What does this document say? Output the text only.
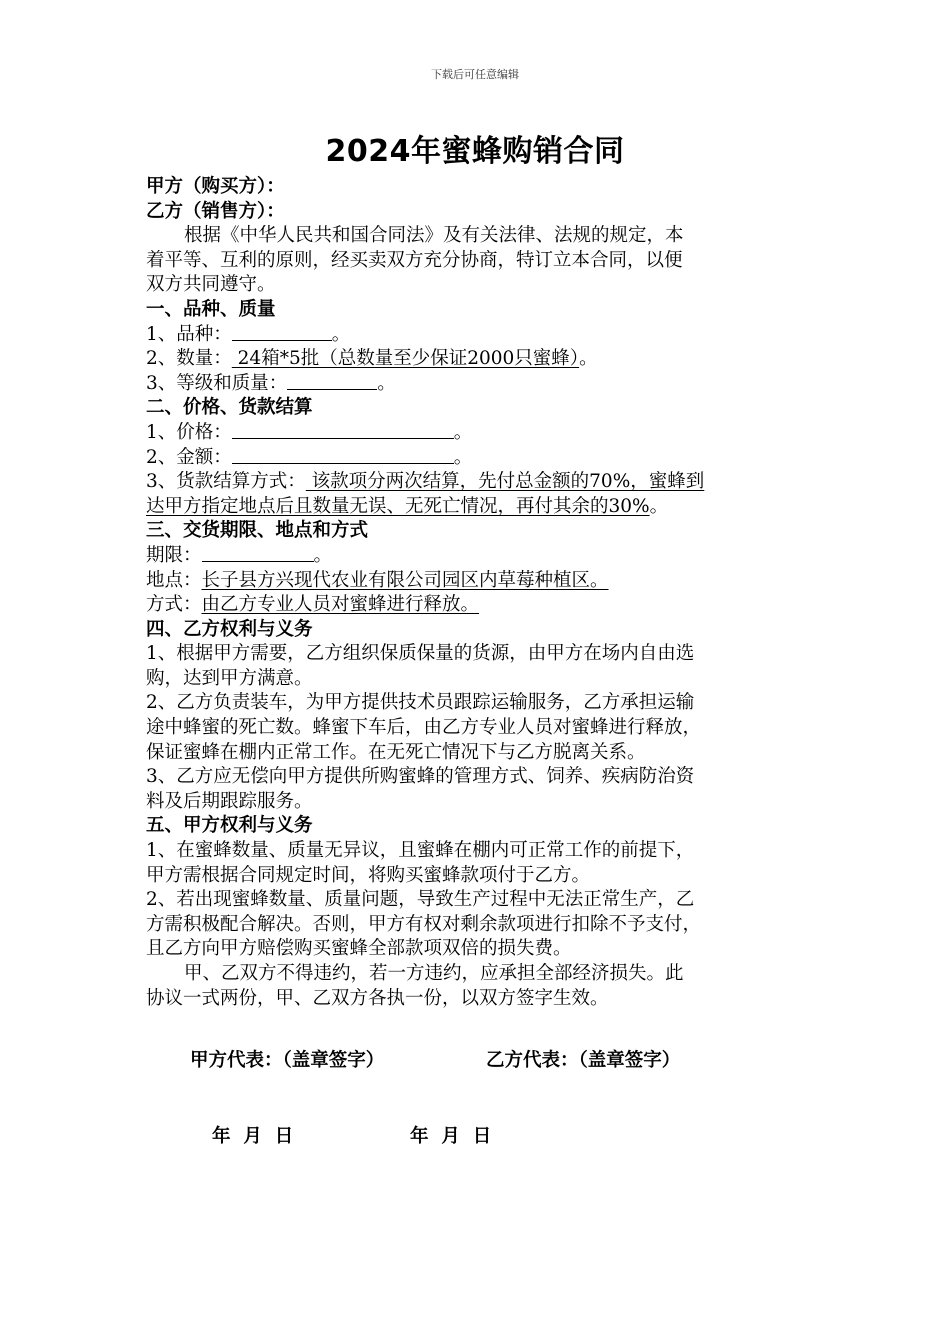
下载后可任意编辑
2024年蜜蜂购销合同
甲方（购买方）：
乙方（销售方）：
根据《中华人民共和国合同法》及有关法律、法规的规定，本
着平等、互利的原则，经买卖双方充分协商，特订立本合同，以便
双方共同遵守。
一、品种、质量
1、品种：	。
2、数量： 24箱*5批（总数量至少保证2000只蜜蜂）。
3、等级和质量：	。
二、价格、货款结算
1、价格：	。
2、金额：	。
3、货款结算方式： 该款项分两次结算，先付总金额的70%，蜜蜂到
达甲方指定地点后且数量无误、无死亡情况，再付其余的30%。
三、交货期限、地点和方式
期限：	。
地点：长子县方兴现代农业有限公司园区内草莓种植区。
方式：由乙方专业人员对蜜蜂进行释放。
四、乙方权利与义务
1、根据甲方需要，乙方组织保质保量的货源，由甲方在场内自由选
购，达到甲方满意。
2、乙方负责装车，为甲方提供技术员跟踪运输服务，乙方承担运输
途中蜂蜜的死亡数。蜂蜜下车后，由乙方专业人员对蜜蜂进行释放，
保证蜜蜂在棚内正常工作。在无死亡情况下与乙方脱离关系。
3、乙方应无偿向甲方提供所购蜜蜂的管理方式、饲养、疾病防治资
料及后期跟踪服务。
五、甲方权利与义务
1、在蜜蜂数量、质量无异议，且蜜蜂在棚内可正常工作的前提下，
甲方需根据合同规定时间，将购买蜜蜂款项付于乙方。
2、若出现蜜蜂数量、质量问题，导致生产过程中无法正常生产，乙
方需积极配合解决。否则，甲方有权对剩余款项进行扣除不予支付，
且乙方向甲方赔偿购买蜜蜂全部款项双倍的损失费。
甲、乙双方不得违约，若一方违约，应承担全部经济损失。此
协议一式两份，甲、乙双方各执一份，以双方签字生效。
甲方代表：（盖章签字）	乙方代表：（盖章签字）
年  月  日	年  月  日
